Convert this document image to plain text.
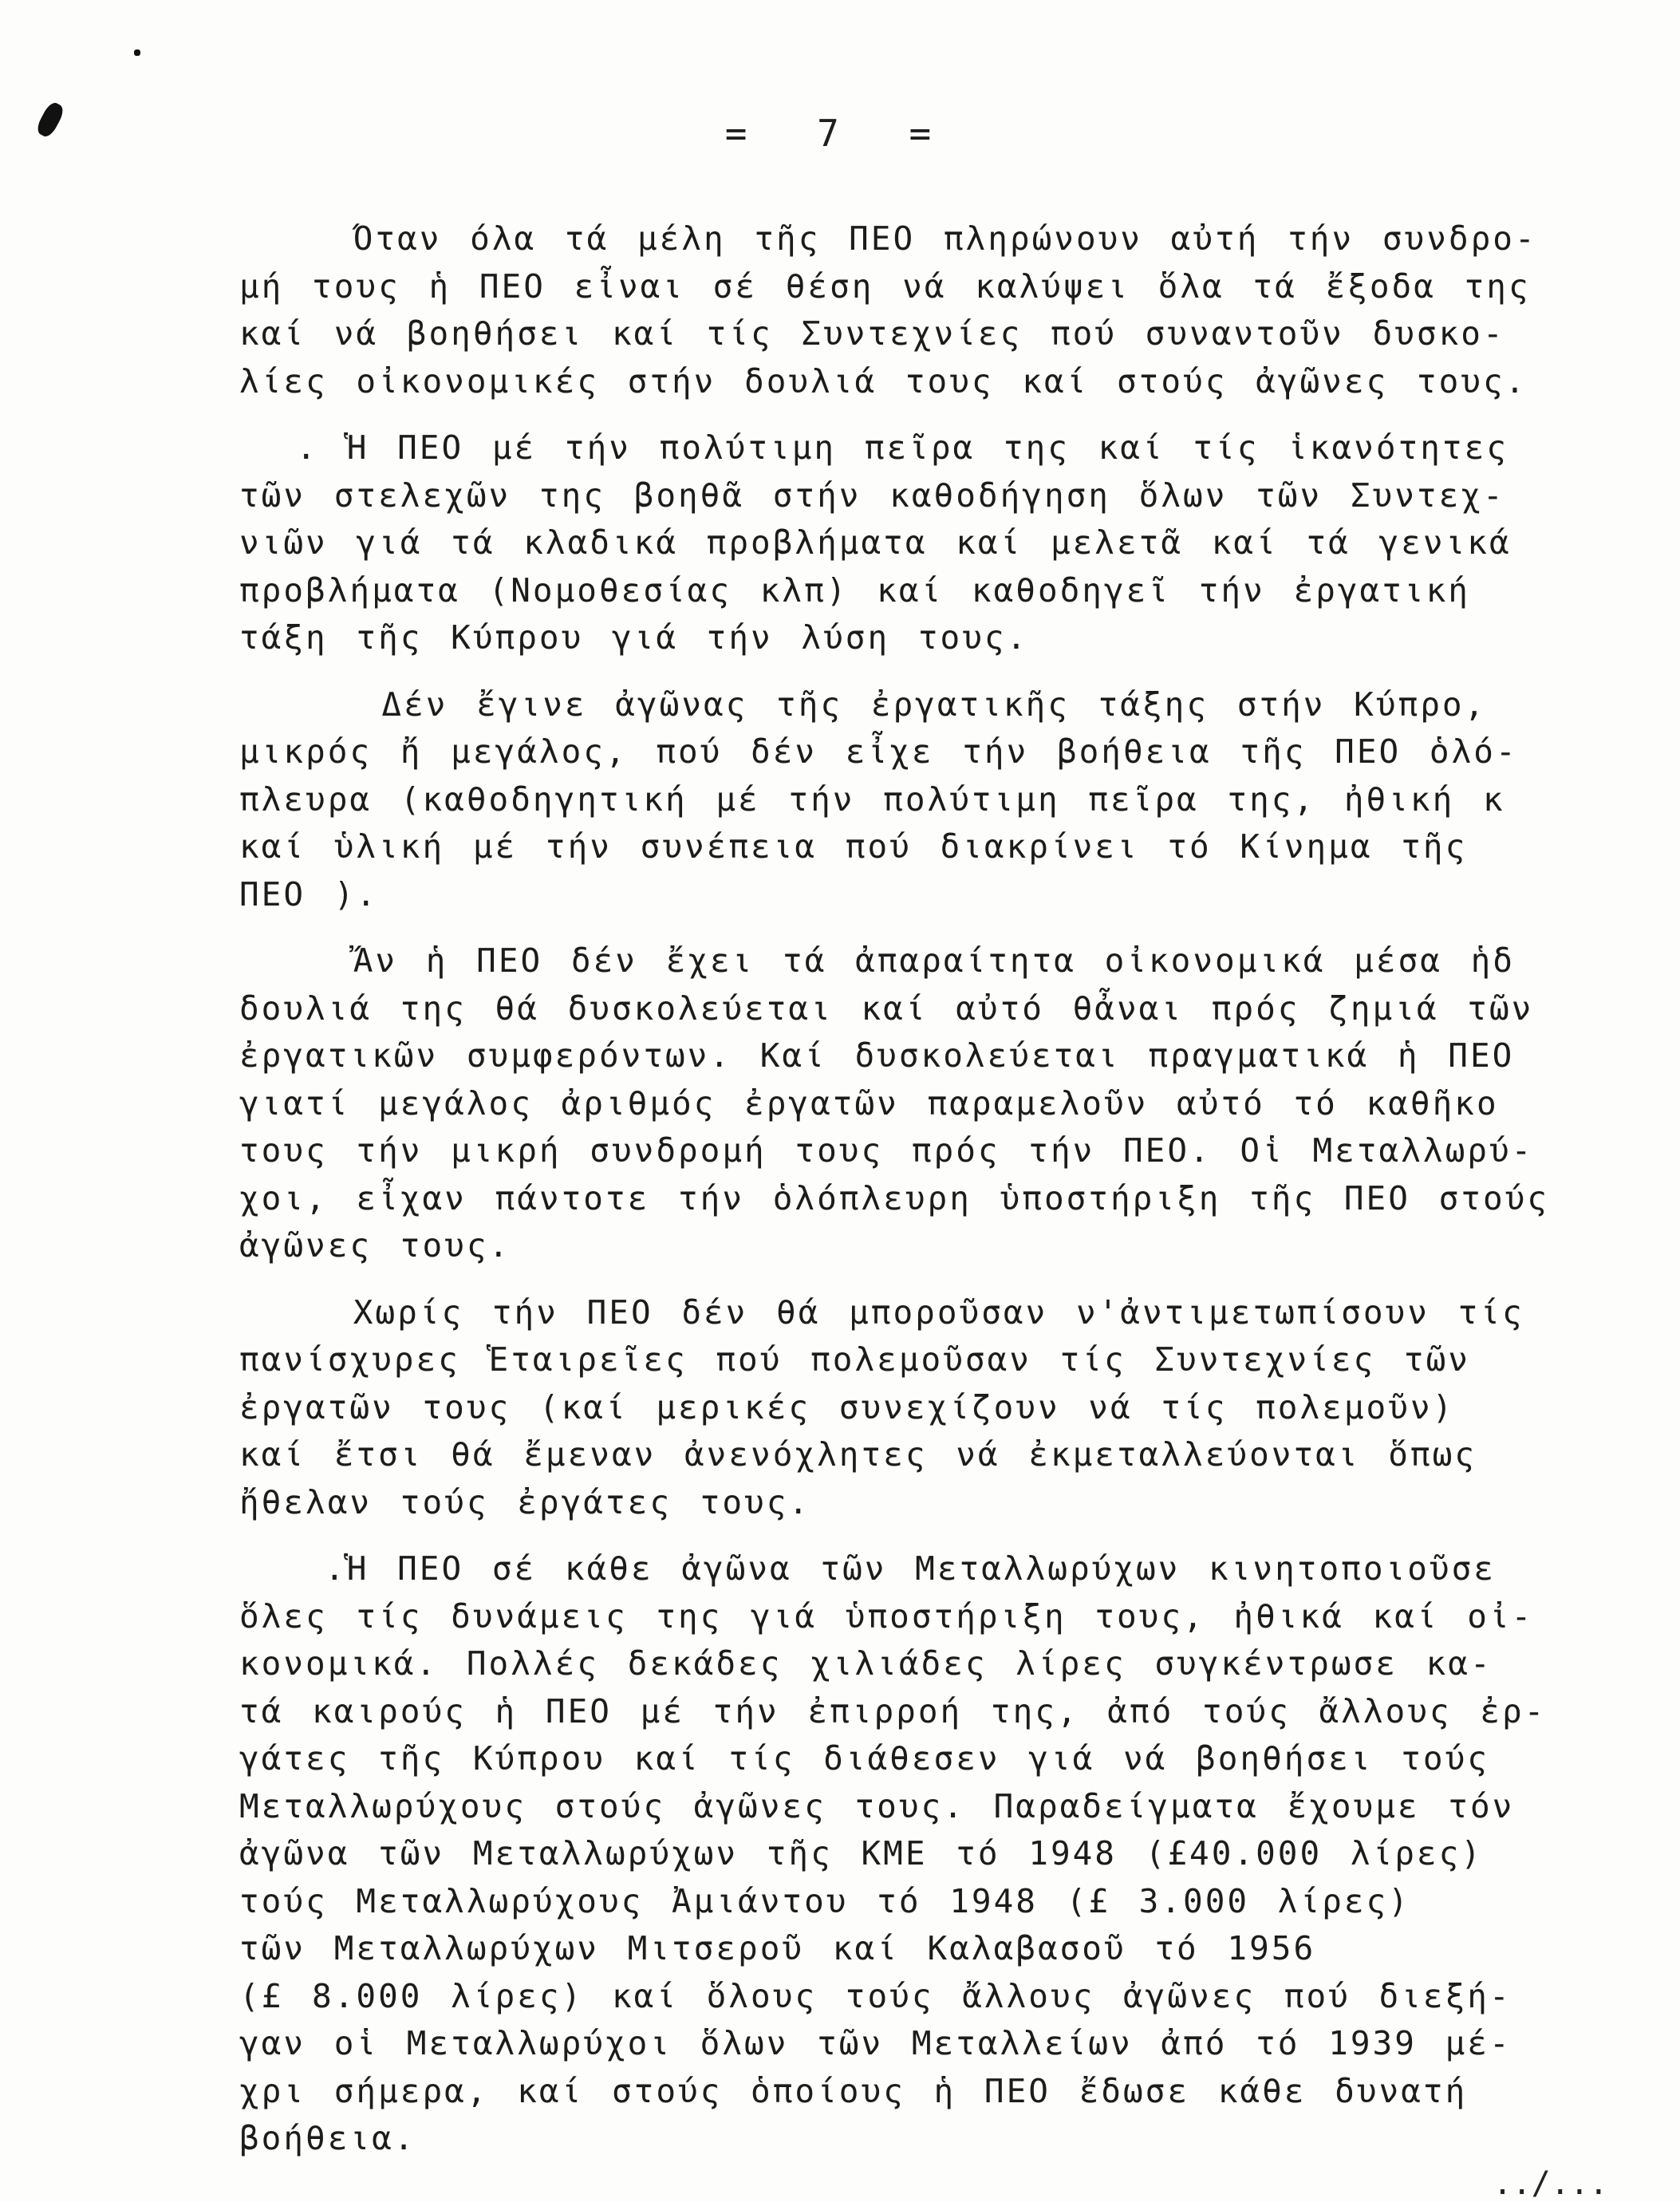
= 7 =
Όταν όλα τά μέλη τῆς ΠΕΟ πληρώνουν αὐτή τήν συνδρο-
μή τους ἡ ΠΕΟ εἶναι σέ θέση νά καλύψει ὅλα τά ἔξοδα της
καί νά βοηθήσει καί τίς Συντεχνίες πού συναντοῦν δυσκο-
λίες οἰκονομικές στήν δουλιά τους καί στούς ἀγῶνες τους.
. Ἡ ΠΕΟ μέ τήν πολύτιμη πεῖρα της καί τίς ἱκανότητες
τῶν στελεχῶν της βοηθᾶ στήν καθοδήγηση ὅλων τῶν Συντεχ-
νιῶν γιά τά κλαδικά προβλήματα καί μελετᾶ καί τά γενικά
προβλήματα (Νομοθεσίας κλπ) καί καθοδηγεῖ τήν ἐργατική
τάξη τῆς Κύπρου γιά τήν λύση τους.
Δέν ἔγινε ἀγῶνας τῆς ἐργατικῆς τάξης στήν Κύπρο,
μικρός ἤ μεγάλος, πού δέν εἶχε τήν βοήθεια τῆς ΠΕΟ ὁλό-
πλευρα (καθοδηγητική μέ τήν πολύτιμη πεῖρα της, ἠθική κ
καί ὑλική μέ τήν συνέπεια πού διακρίνει τό Κίνημα τῆς
ΠΕΟ ).
Ἄν ἡ ΠΕΟ δέν ἔχει τά ἀπαραίτητα οἰκονομικά μέσα ἡδ
δουλιά της θά δυσκολεύεται καί αὐτό θἆναι πρός ζημιά τῶν
ἐργατικῶν συμφερόντων. Καί δυσκολεύεται πραγματικά ἡ ΠΕΟ
γιατί μεγάλος ἀριθμός ἐργατῶν παραμελοῦν αὐτό τό καθῆκο
τους τήν μικρή συνδρομή τους πρός τήν ΠΕΟ. Οἱ Μεταλλωρύ-
χοι, εἶχαν πάντοτε τήν ὁλόπλευρη ὑποστήριξη τῆς ΠΕΟ στούς
ἀγῶνες τους.
Χωρίς τήν ΠΕΟ δέν θά μποροῦσαν ν'ἀντιμετωπίσουν τίς
πανίσχυρες Ἑταιρεῖες πού πολεμοῦσαν τίς Συντεχνίες τῶν
ἐργατῶν τους (καί μερικές συνεχίζουν νά τίς πολεμοῦν)
καί ἔτσι θά ἔμεναν ἀνενόχλητες νά ἐκμεταλλεύονται ὅπως
ἤθελαν τούς ἐργάτες τους.
.Ἡ ΠΕΟ σέ κάθε ἀγῶνα τῶν Μεταλλωρύχων κινητοποιοῦσε
ὅλες τίς δυνάμεις της γιά ὑποστήριξη τους, ἠθικά καί οἰ-
κονομικά. Πολλές δεκάδες χιλιάδες λίρες συγκέντρωσε κα-
τά καιρούς ἡ ΠΕΟ μέ τήν ἐπιρροή της, ἀπό τούς ἄλλους ἐρ-
γάτες τῆς Κύπρου καί τίς διάθεσεν γιά νά βοηθήσει τούς
Μεταλλωρύχους στούς ἀγῶνες τους. Παραδείγματα ἔχουμε τόν
ἀγῶνα τῶν Μεταλλωρύχων τῆς ΚΜΕ τό 1948 (£40.000 λίρες)
τούς Μεταλλωρύχους Ἀμιάντου τό 1948 (£ 3.000 λίρες)
τῶν Μεταλλωρύχων Μιτσεροῦ καί Καλαβασοῦ τό 1956
(£ 8.000 λίρες) καί ὅλους τούς ἄλλους ἀγῶνες πού διεξή-
γαν οἱ Μεταλλωρύχοι ὅλων τῶν Μεταλλείων ἀπό τό 1939 μέ-
χρι σήμερα, καί στούς ὁποίους ἡ ΠΕΟ ἔδωσε κάθε δυνατή
βοήθεια.
../...
